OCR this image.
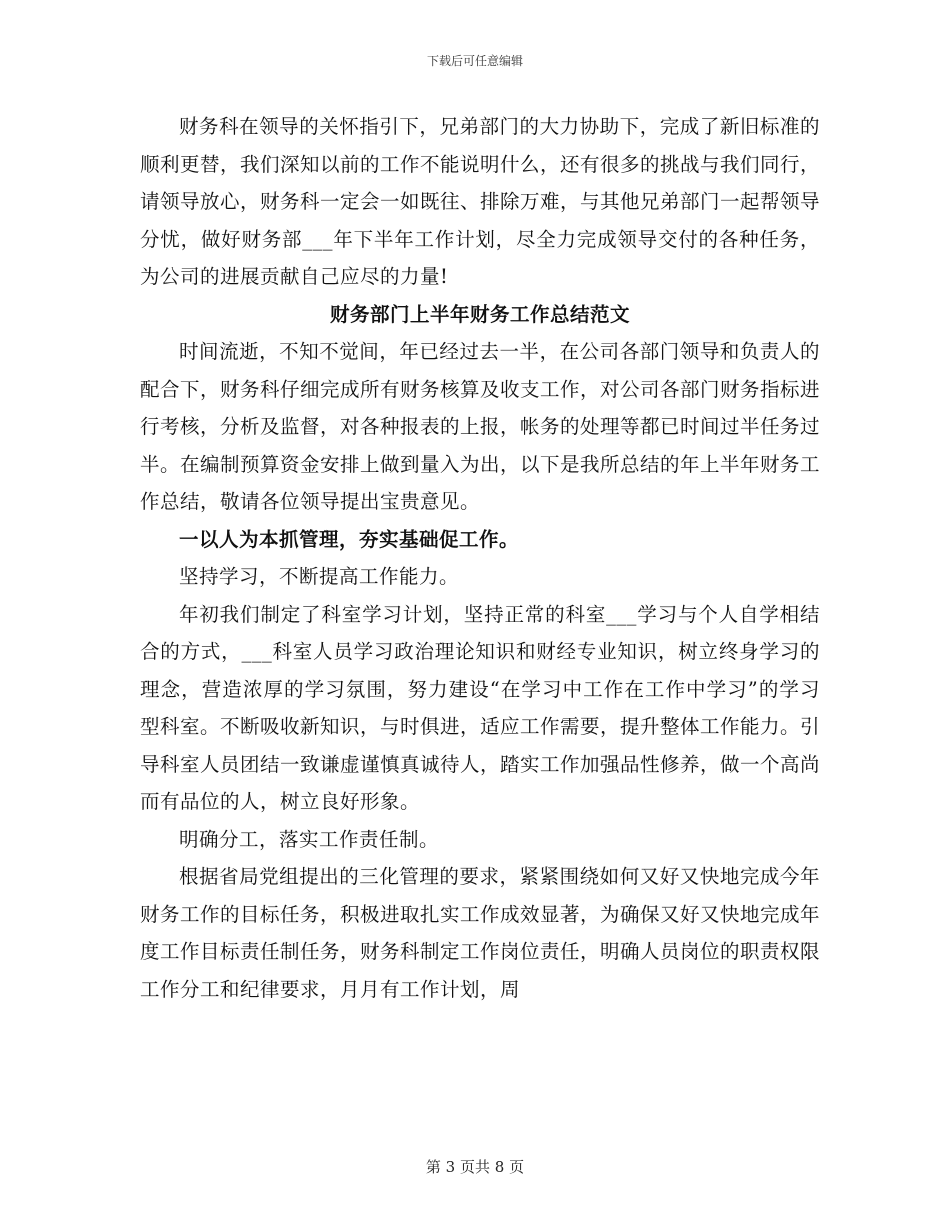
下载后可任意编辑

财务科在领导的关怀指引下，兄弟部门的大力协助下，完成了新旧标准的顺利更替，我们深知以前的工作不能说明什么，还有很多的挑战与我们同行，请领导放心，财务科一定会一如既往、排除万难，与其他兄弟部门一起帮领导分忧，做好财务部___年下半年工作计划，尽全力完成领导交付的各种任务，为公司的进展贡献自己应尽的力量!

财务部门上半年财务工作总结范文

时间流逝，不知不觉间，年已经过去一半，在公司各部门领导和负责人的配合下，财务科仔细完成所有财务核算及收支工作，对公司各部门财务指标进行考核，分析及监督，对各种报表的上报，帐务的处理等都已时间过半任务过半。在编制预算资金安排上做到量入为出，以下是我所总结的年上半年财务工作总结，敬请各位领导提出宝贵意见。

一以人为本抓管理，夯实基础促工作。

坚持学习，不断提高工作能力。

年初我们制定了科室学习计划，坚持正常的科室___学习与个人自学相结合的方式，___科室人员学习政治理论知识和财经专业知识，树立终身学习的理念，营造浓厚的学习氛围，努力建设“在学习中工作在工作中学习”的学习型科室。不断吸收新知识，与时俱进，适应工作需要，提升整体工作能力。引导科室人员团结一致谦虚谨慎真诚待人，踏实工作加强品性修养，做一个高尚而有品位的人，树立良好形象。

明确分工，落实工作责任制。

根据省局党组提出的三化管理的要求，紧紧围绕如何又好又快地完成今年财务工作的目标任务，积极进取扎实工作成效显著，为确保又好又快地完成年度工作目标责任制任务，财务科制定工作岗位责任，明确人员岗位的职责权限工作分工和纪律要求，月月有工作计划，周

第 3 页共 8 页
